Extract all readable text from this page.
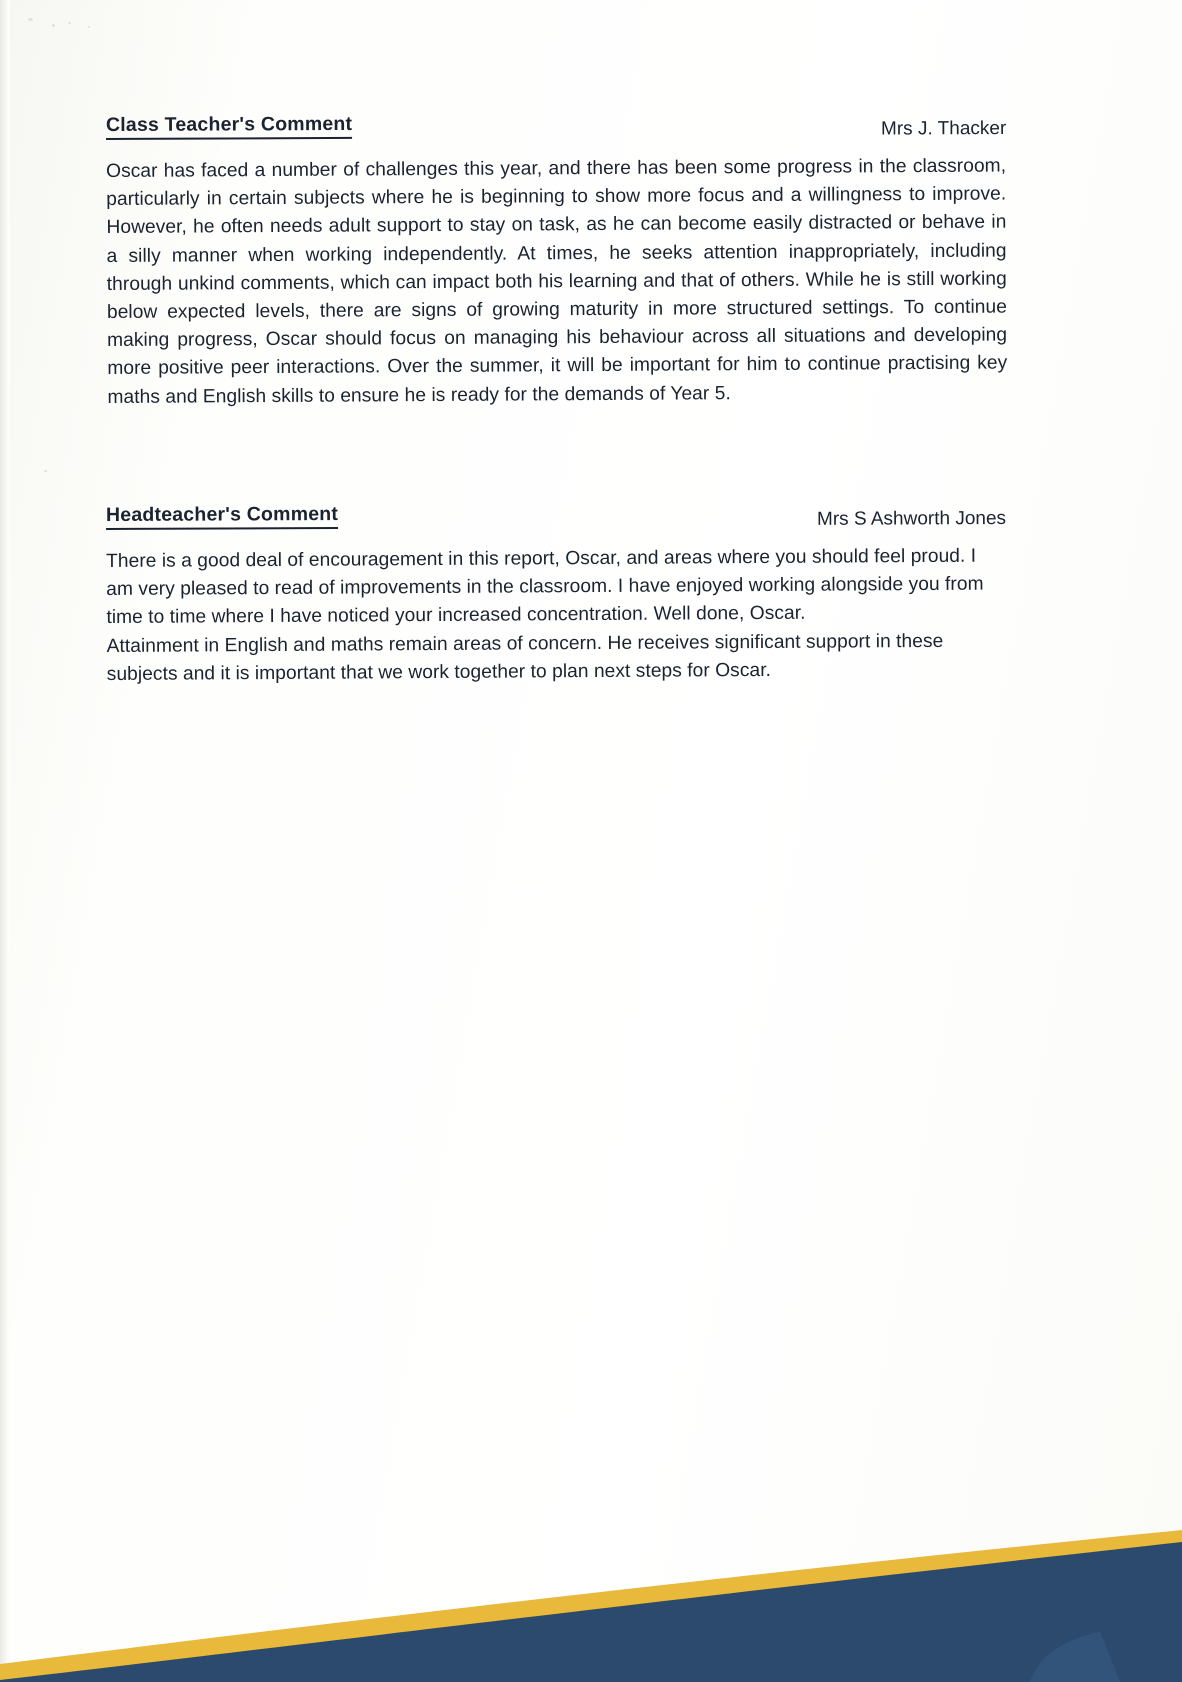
Class Teacher's Comment	Mrs J. Thacker

Oscar has faced a number of challenges this year, and there has been some progress in the classroom, particularly in certain subjects where he is beginning to show more focus and a willingness to improve. However, he often needs adult support to stay on task, as he can become easily distracted or behave in a silly manner when working independently. At times, he seeks attention inappropriately, including through unkind comments, which can impact both his learning and that of others. While he is still working below expected levels, there are signs of growing maturity in more structured settings. To continue making progress, Oscar should focus on managing his behaviour across all situations and developing more positive peer interactions. Over the summer, it will be important for him to continue practising key maths and English skills to ensure he is ready for the demands of Year 5.

Headteacher's Comment	Mrs S Ashworth Jones

There is a good deal of encouragement in this report, Oscar, and areas where you should feel proud. I am very pleased to read of improvements in the classroom. I have enjoyed working alongside you from time to time where I have noticed your increased concentration. Well done, Oscar.

Attainment in English and maths remain areas of concern. He receives significant support in these subjects and it is important that we work together to plan next steps for Oscar.
